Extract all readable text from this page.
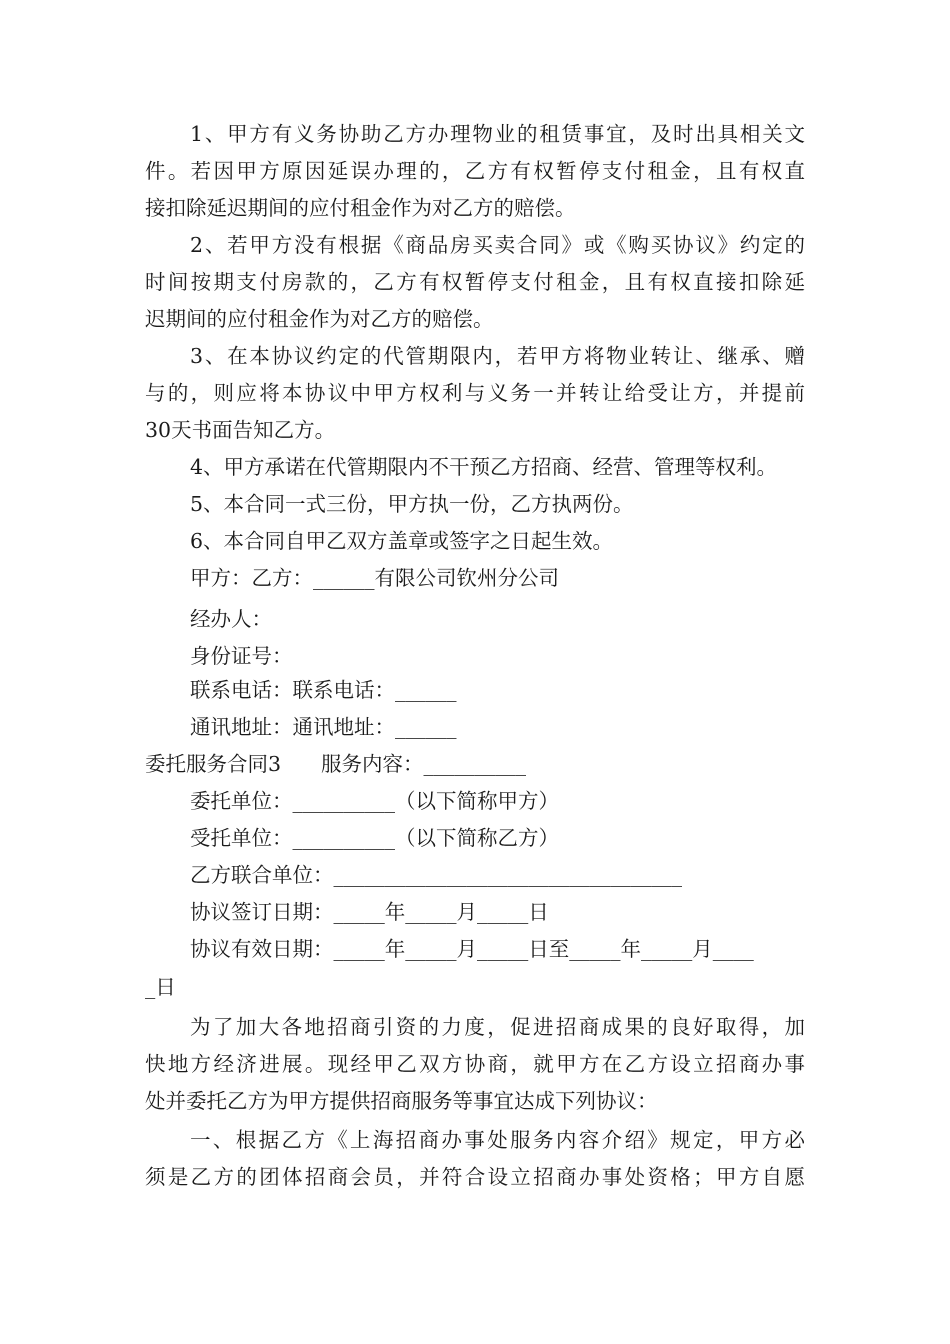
1、甲方有义务协助乙方办理物业的租赁事宜，及时出具相关文
件。若因甲方原因延误办理的，乙方有权暂停支付租金，且有权直
接扣除延迟期间的应付租金作为对乙方的赔偿。
2、若甲方没有根据《商品房买卖合同》或《购买协议》约定的
时间按期支付房款的，乙方有权暂停支付租金，且有权直接扣除延
迟期间的应付租金作为对乙方的赔偿。
3、在本协议约定的代管期限内，若甲方将物业转让、继承、赠
与的，则应将本协议中甲方权利与义务一并转让给受让方，并提前
30天书面告知乙方。

4、甲方承诺在代管期限内不干预乙方招商、经营、管理等权利。

5、本合同一式三份，甲方执一份，乙方执两份。

6、本合同自甲乙双方盖章或签字之日起生效。

甲方：乙方：______有限公司钦州分公司

经办人：

身份证号：

联系电话：联系电话：______

通讯地址：通讯地址：______

委托服务合同3 服务内容：__________

委托单位：__________（以下简称甲方）

受托单位：__________（以下简称乙方）

乙方联合单位：__________________________________

协议签订日期：_____年_____月_____日

协议有效日期：_____年_____月_____日至_____年_____月____

_日

为了加大各地招商引资的力度，促进招商成果的良好取得，加
快地方经济进展。现经甲乙双方协商，就甲方在乙方设立招商办事
处并委托乙方为甲方提供招商服务等事宜达成下列协议：
一、根据乙方《上海招商办事处服务内容介绍》规定，甲方必
须是乙方的团体招商会员，并符合设立招商办事处资格；甲方自愿
